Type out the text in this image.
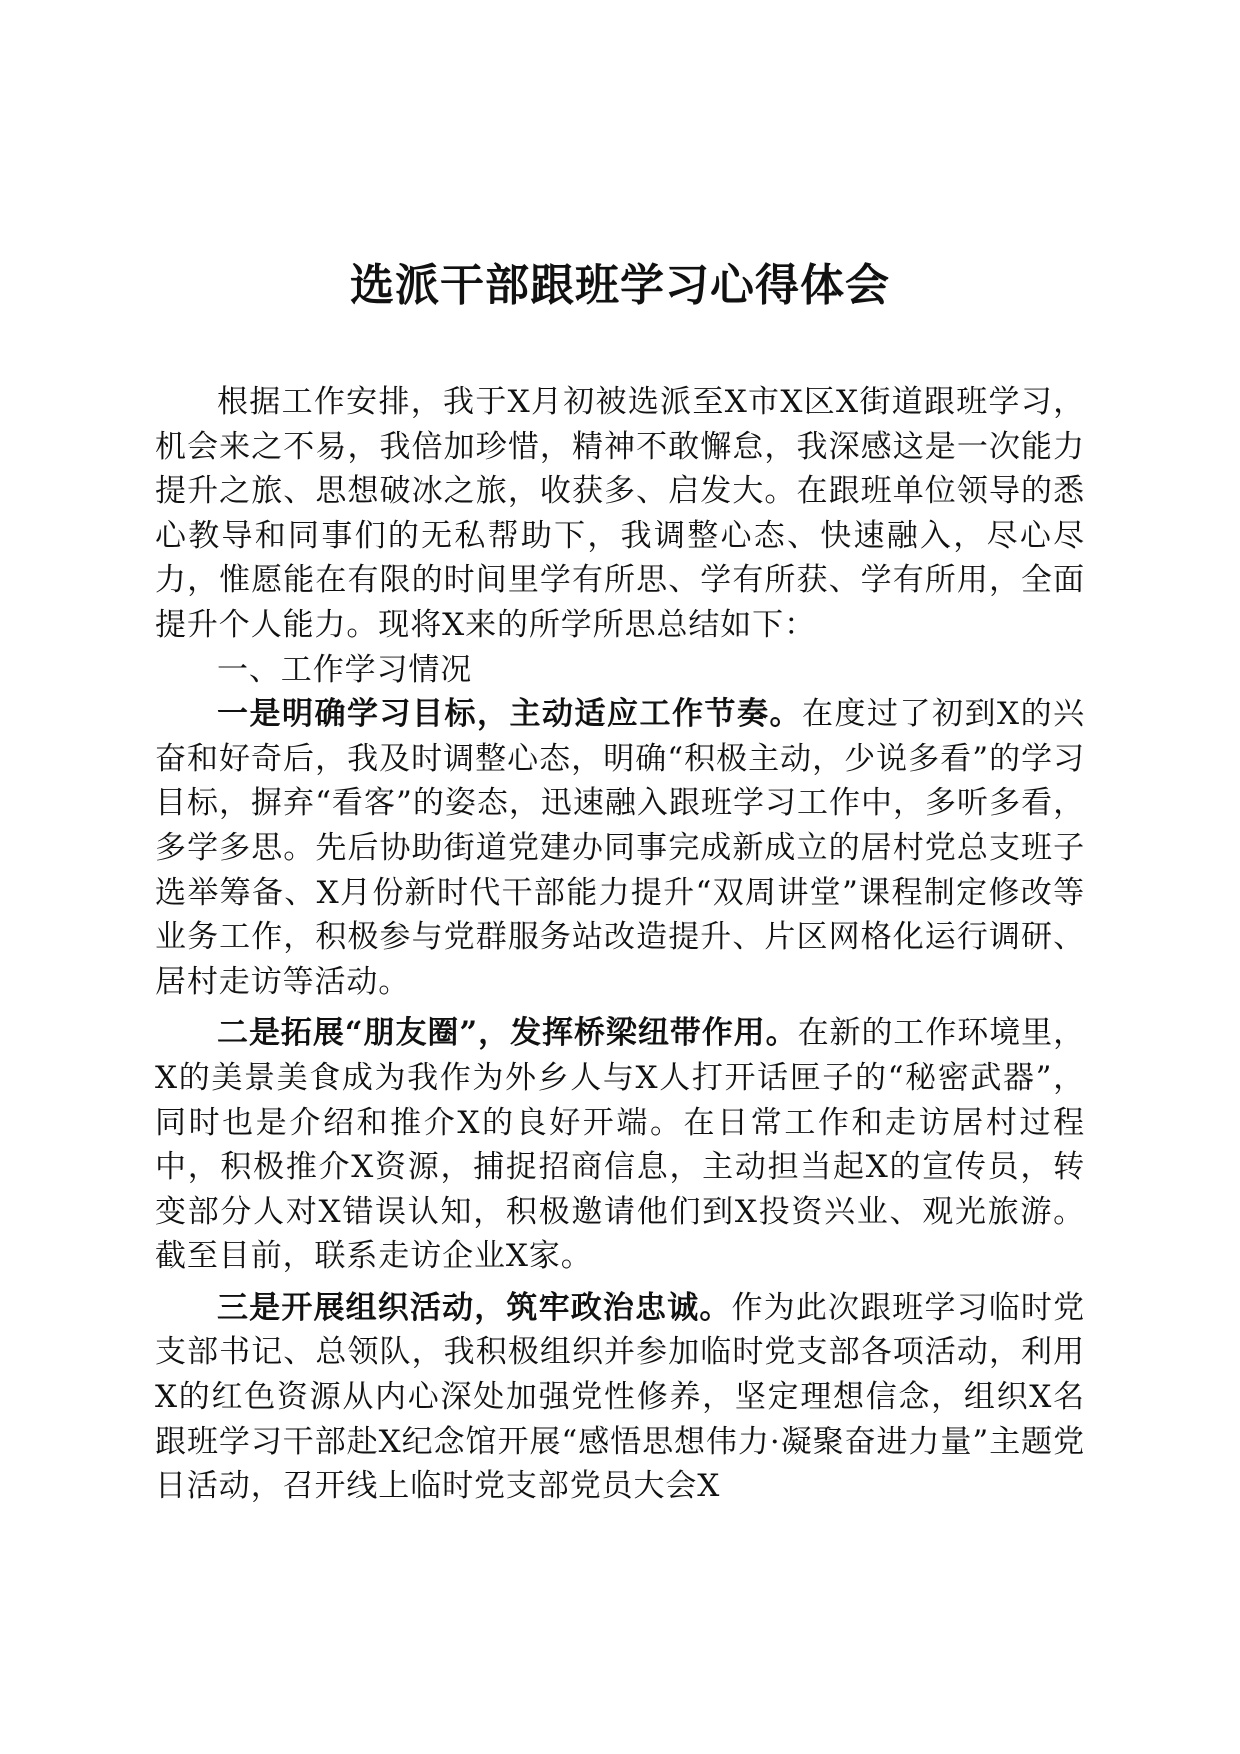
选派干部跟班学习心得体会

根据工作安排，我于X月初被选派至X市X区X街道跟班学习，机会来之不易，我倍加珍惜，精神不敢懈怠，我深感这是一次能力提升之旅、思想破冰之旅，收获多、启发大。在跟班单位领导的悉心教导和同事们的无私帮助下，我调整心态、快速融入，尽心尽力，惟愿能在有限的时间里学有所思、学有所获、学有所用，全面提升个人能力。现将X来的所学所思总结如下：

一、工作学习情况

一是明确学习目标，主动适应工作节奏。在度过了初到X的兴奋和好奇后，我及时调整心态，明确“积极主动，少说多看”的学习目标，摒弃“看客”的姿态，迅速融入跟班学习工作中，多听多看，多学多思。先后协助街道党建办同事完成新成立的居村党总支班子选举筹备、X月份新时代干部能力提升“双周讲堂”课程制定修改等业务工作，积极参与党群服务站改造提升、片区网格化运行调研、居村走访等活动。

二是拓展“朋友圈”，发挥桥梁纽带作用。在新的工作环境里，X的美景美食成为我作为外乡人与X人打开话匣子的“秘密武器”，同时也是介绍和推介X的良好开端。在日常工作和走访居村过程中，积极推介X资源，捕捉招商信息，主动担当起X的宣传员，转变部分人对X错误认知，积极邀请他们到X投资兴业、观光旅游。截至目前，联系走访企业X家。

三是开展组织活动，筑牢政治忠诚。作为此次跟班学习临时党支部书记、总领队，我积极组织并参加临时党支部各项活动，利用X的红色资源从内心深处加强党性修养，坚定理想信念，组织X名跟班学习干部赴X纪念馆开展“感悟思想伟力·凝聚奋进力量”主题党日活动，召开线上临时党支部党员大会X
